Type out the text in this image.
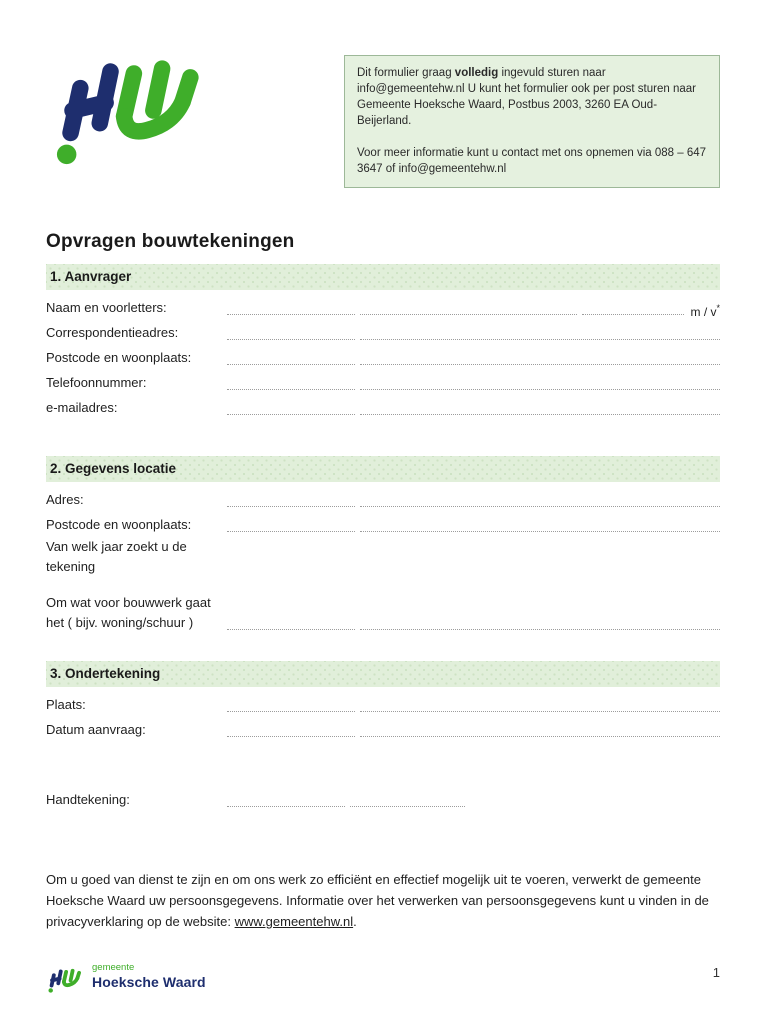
Dit formulier graag volledig ingevuld sturen naar info@gemeentehw.nl U kunt het formulier ook per post sturen naar Gemeente Hoeksche Waard, Postbus 2003, 3260 EA Oud-Beijerland.

Voor meer informatie kunt u contact met ons opnemen via 088 – 647 3647 of info@gemeentehw.nl

Opvragen bouwtekeningen
1. Aanvrager
Naam en voorletters:	m / v*
Correspondentieadres:
Postcode en woonplaats:
Telefoonnummer:
e-mailadres:
2. Gegevens locatie
Adres:
Postcode en woonplaats:
Van welk jaar zoekt u de
tekening
Om wat voor bouwwerk gaat
het ( bijv. woning/schuur )
3. Ondertekening
Plaats:
Datum aanvraag:
Handtekening:
Om u goed van dienst te zijn en om ons werk zo efficiënt en effectief mogelijk uit te voeren, verwerkt de gemeente Hoeksche Waard uw persoonsgegevens. Informatie over het verwerken van persoonsgegevens kunt u vinden in de privacyverklaring op de website: www.gemeentehw.nl.
gemeente
Hoeksche Waard
1
